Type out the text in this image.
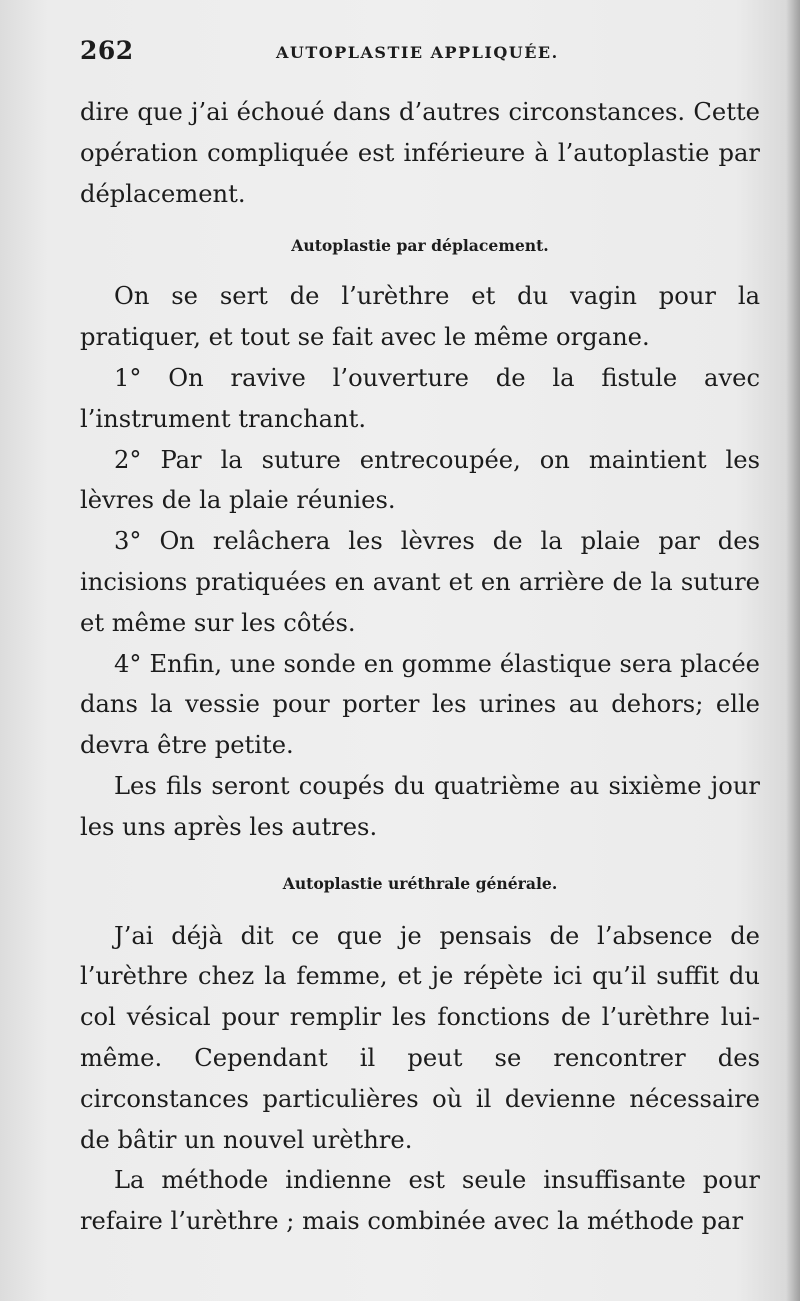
262	AUTOPLASTIE APPLIQUÉE.

dire que j’ai échoué dans d’autres circonstances. Cette opération compliquée est inférieure à l’autoplastie par déplacement.

Autoplastie par déplacement.

On se sert de l’urèthre et du vagin pour la pratiquer, et tout se fait avec le même organe.

1° On ravive l’ouverture de la fistule avec l’instrument tranchant.

2° Par la suture entrecoupée, on maintient les lèvres de la plaie réunies.

3° On relâchera les lèvres de la plaie par des incisions pratiquées en avant et en arrière de la suture et même sur les côtés.

4° Enfin, une sonde en gomme élastique sera placée dans la vessie pour porter les urines au dehors; elle devra être petite.

Les fils seront coupés du quatrième au sixième jour les uns après les autres.

Autoplastie uréthrale générale.

J’ai déjà dit ce que je pensais de l’absence de l’urèthre chez la femme, et je répète ici qu’il suffit du col vésical pour remplir les fonctions de l’urèthre lui-même. Cependant il peut se rencontrer des circonstances particulières où il devienne nécessaire de bâtir un nouvel urèthre.

La méthode indienne est seule insuffisante pour refaire l’urèthre ; mais combinée avec la méthode par
